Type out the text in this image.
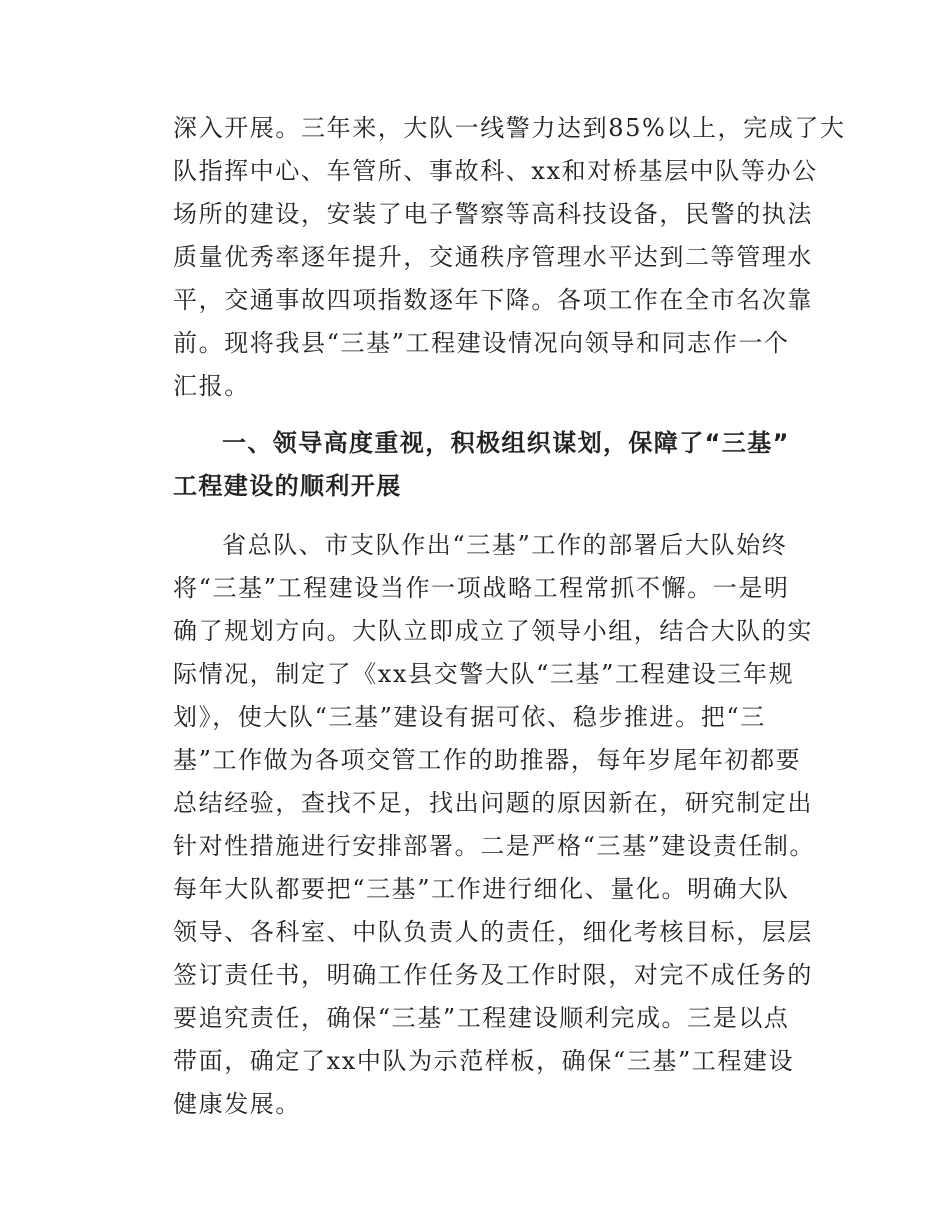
深入开展。三年来，大队一线警力达到85%以上，完成了大
队指挥中心、车管所、事故科、xx和对桥基层中队等办公
场所的建设，安装了电子警察等高科技设备，民警的执法
质量优秀率逐年提升，交通秩序管理水平达到二等管理水
平，交通事故四项指数逐年下降。各项工作在全市名次靠
前。现将我县“三基”工程建设情况向领导和同志作一个
汇报。
一、领导高度重视，积极组织谋划，保障了“三基”
工程建设的顺利开展
省总队、市支队作出“三基”工作的部署后大队始终
将“三基”工程建设当作一项战略工程常抓不懈。一是明
确了规划方向。大队立即成立了领导小组，结合大队的实
际情况，制定了《xx县交警大队“三基”工程建设三年规
划》，使大队“三基”建设有据可依、稳步推进。把“三
基”工作做为各项交管工作的助推器，每年岁尾年初都要
总结经验，查找不足，找出问题的原因新在，研究制定出
针对性措施进行安排部署。二是严格“三基”建设责任制。
每年大队都要把“三基”工作进行细化、量化。明确大队
领导、各科室、中队负责人的责任，细化考核目标，层层
签订责任书，明确工作任务及工作时限，对完不成任务的
要追究责任，确保“三基”工程建设顺利完成。三是以点
带面，确定了xx中队为示范样板，确保“三基”工程建设
健康发展。
